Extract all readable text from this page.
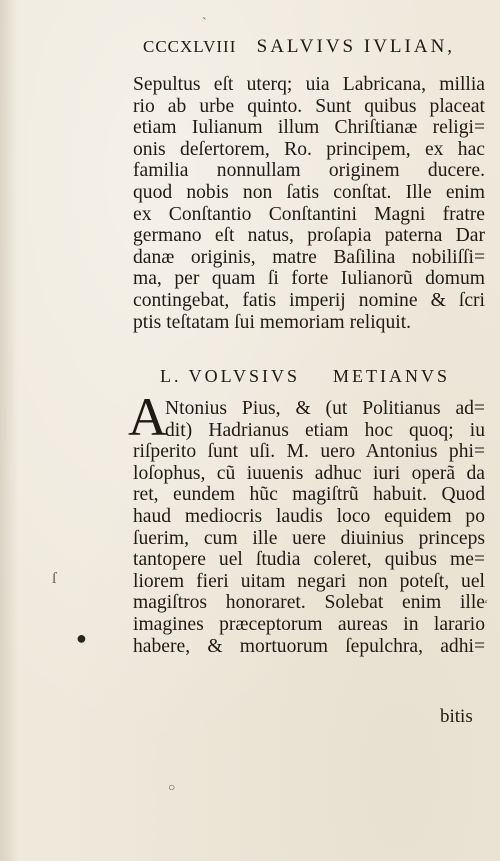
ˋ
ſ
●
○
ʻ
CCCXLVIII SALVIVS IVLIAN,
Sepultus eſt uterq; uia Labricana, millia
rio ab urbe quinto. Sunt quibus placeat
etiam Iulianum illum Chriſtianæ religi=
onis deſertorem, Ro. principem, ex hac
familia nonnullam originem ducere.
quod nobis non ſatis conſtat. Ille enim
ex Conſtantio Conſtantini Magni fratre
germano eſt natus, proſapia paterna Dar
danæ originis, matre Baſilina nobiliſſi=
ma, per quam ſi forte Iulianorũ domum
contingebat, fatis imperij nomine & ſcri
ptis teſtatam ſui memoriam reliquit.
L. VOLVSIVS METIANVS
A
Ntonius Pius, & (ut Politianus ad=
dit) Hadrianus etiam hoc quoq; iu
riſperito ſunt uſi. M. uero Antonius phi=
loſophus, cũ iuuenis adhuc iuri operã da
ret, eundem hũc magiſtrũ habuit. Quod
haud mediocris laudis loco equidem po
ſuerim, cum ille uere diuinius princeps
tantopere uel ſtudia coleret, quibus me=
liorem fieri uitam negari non poteſt, uel
magiſtros honoraret. Solebat enim ille
imagines præceptorum aureas in larario
habere, & mortuorum ſepulchra, adhi=
bitis
